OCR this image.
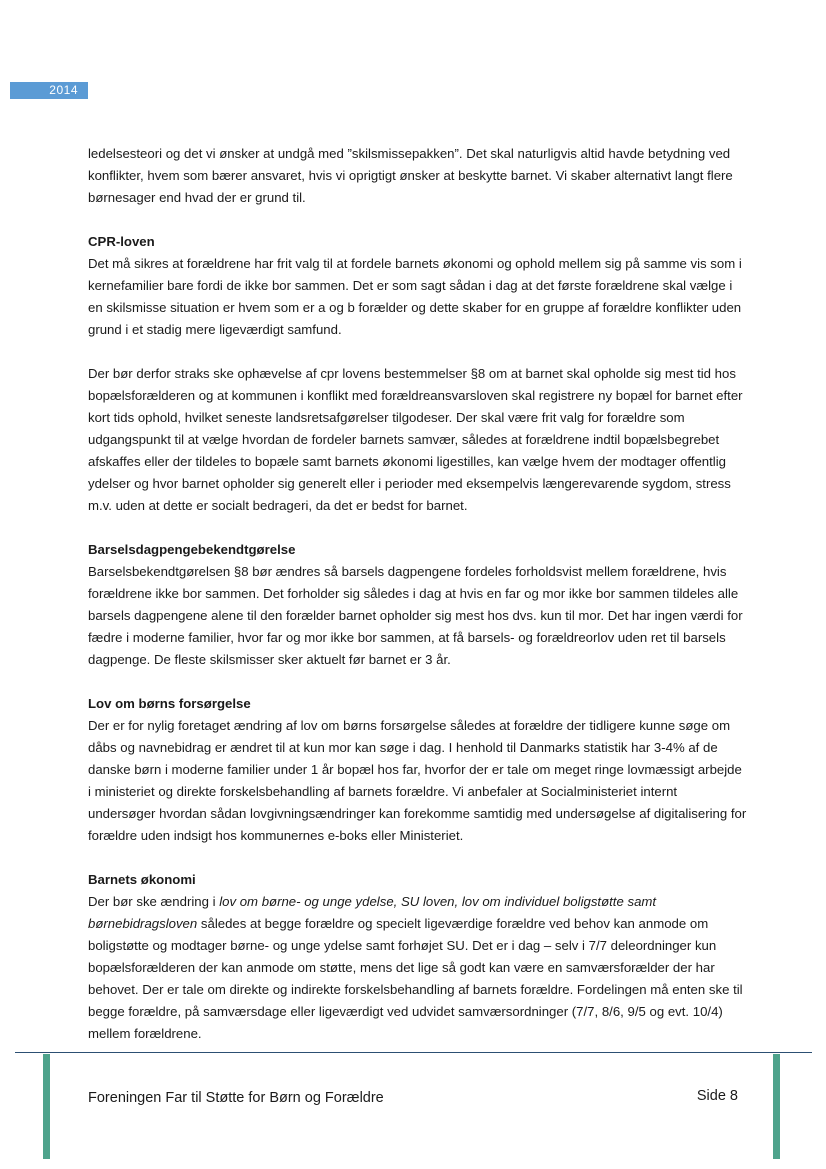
2014

ledelsesteori og det vi ønsker at undgå med ”skilsmissepakken”. Det skal naturligvis altid havde betydning ved konflikter, hvem som bærer ansvaret, hvis vi oprigtigt ønsker at beskytte barnet. Vi skaber alternativt langt flere børnesager end hvad der er grund til.

CPR-loven

Det må sikres at forældrene har frit valg til at fordele barnets økonomi og ophold mellem sig på samme vis som i kernefamilier bare fordi de ikke bor sammen. Det er som sagt sådan i dag at det første forældrene skal vælge i en skilsmisse situation er hvem som er a og b forælder og dette skaber for en gruppe af forældre konflikter uden grund i et stadig mere ligeværdigt samfund.

Der bør derfor straks ske ophævelse af cpr lovens bestemmelser §8 om at barnet skal opholde sig mest tid hos bopælsforælderen og at kommunen i konflikt med forældreansvarsloven skal registrere ny bopæl for barnet efter kort tids ophold, hvilket seneste landsretsafgørelser tilgodeser. Der skal være frit valg for forældre som udgangspunkt til at vælge hvordan de fordeler barnets samvær, således at forældrene indtil bopælsbegrebet afskaffes eller der tildeles to bopæle samt barnets økonomi ligestilles, kan vælge hvem der modtager offentlig ydelser og hvor barnet opholder sig generelt eller i perioder med eksempelvis længerevarende sygdom, stress m.v. uden at dette er socialt bedrageri, da det er bedst for barnet.

Barselsdagpengebekendtgørelse

Barselsbekendtgørelsen §8 bør ændres så barsels dagpengene fordeles forholdsvist mellem forældrene, hvis forældrene ikke bor sammen. Det forholder sig således i dag at hvis en far og mor ikke bor sammen tildeles alle barsels dagpengene alene til den forælder barnet opholder sig mest hos dvs. kun til mor. Det har ingen værdi for fædre i moderne familier, hvor far og mor ikke bor sammen, at få barsels- og forældreorlov uden ret til barsels dagpenge. De fleste skilsmisser sker aktuelt før barnet er 3 år.

Lov om børns forsørgelse

Der er for nylig foretaget ændring af lov om børns forsørgelse således at forældre der tidligere kunne søge om dåbs og navnebidrag er ændret til at kun mor kan søge i dag. I henhold til Danmarks statistik har 3-4% af de danske børn i moderne familier under 1 år bopæl hos far, hvorfor der er tale om meget ringe lovmæssigt arbejde i ministeriet og direkte forskelsbehandling af barnets forældre. Vi anbefaler at Socialministeriet internt undersøger hvordan sådan lovgivningsændringer kan forekomme samtidig med undersøgelse af digitalisering for forældre uden indsigt hos kommunernes e-boks eller Ministeriet.

Barnets økonomi

Der bør ske ændring i lov om børne- og unge ydelse, SU loven, lov om individuel boligstøtte samt børnebidragsloven således at begge forældre og specielt ligeværdige forældre ved behov kan anmode om boligstøtte og modtager børne- og unge ydelse samt forhøjet SU. Det er i dag – selv i 7/7 deleordninger kun bopælsforælderen der kan anmode om støtte, mens det lige så godt kan være en samværsforælder der har behovet. Der er tale om direkte og indirekte forskelsbehandling af barnets forældre. Fordelingen må enten ske til begge forældre, på samværsdage eller ligeværdigt ved udvidet samværsordninger (7/7, 8/6, 9/5 og evt. 10/4) mellem forældrene.

Foreningen Far til Støtte for Børn og Forældre	Side 8
